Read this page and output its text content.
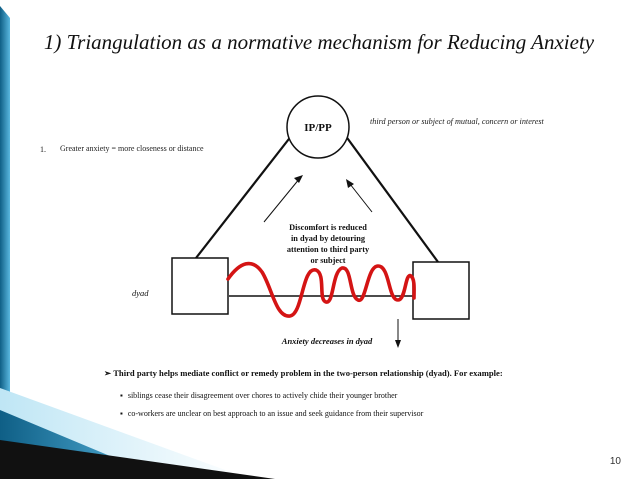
1) Triangulation as a normative mechanism for Reducing Anxiety
1. Greater anxiety = more closeness or distance
IP/PP
third person or subject of mutual, concern or interest
Discomfort is reduced
in dyad by detouring
attention to third party
or subject
dyad
Anxiety decreases in dyad
➢ Third party helps mediate conflict or remedy problem in the two-person relationship (dyad). For example:
▪ siblings cease their disagreement over chores to actively chide their younger brother
▪ co-workers are unclear on best approach to an issue and seek guidance from their supervisor
10
